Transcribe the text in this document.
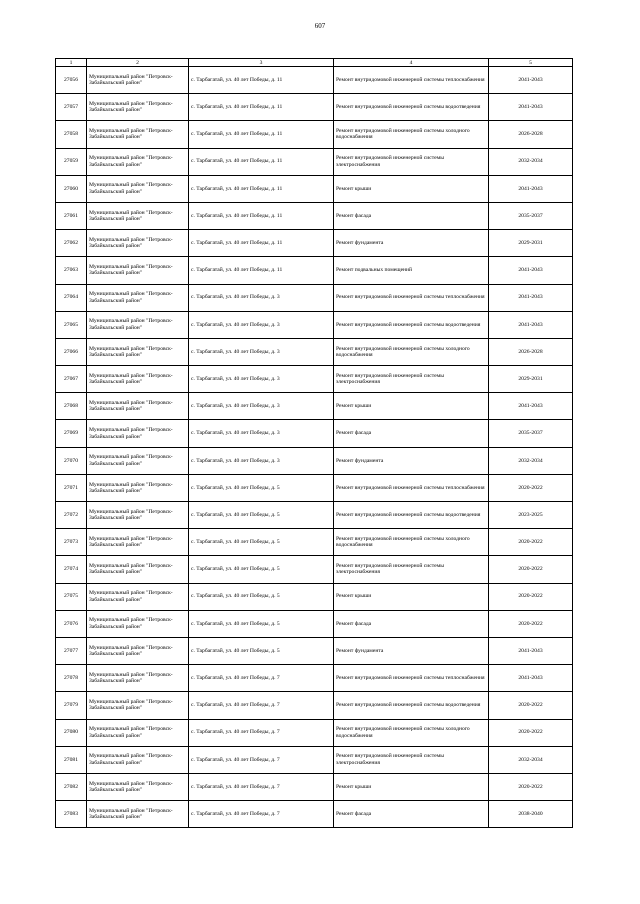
607
1	2	3	4	5
27056	Муниципальный район "Петровск-Забайкальский район"	с. Тарбагатай, ул. 40 лет Победы, д. 11	Ремонт внутридомовой инженерной системы теплоснабжения	2041-2043
27057	Муниципальный район "Петровск-Забайкальский район"	с. Тарбагатай, ул. 40 лет Победы, д. 11	Ремонт внутридомовой инженерной системы водоотведения	2041-2043
27058	Муниципальный район "Петровск-Забайкальский район"	с. Тарбагатай, ул. 40 лет Победы, д. 11	Ремонт внутридомовой инженерной системы холодного водоснабжения	2026-2028
27059	Муниципальный район "Петровск-Забайкальский район"	с. Тарбагатай, ул. 40 лет Победы, д. 11	Ремонт внутридомовой инженерной системы электроснабжения	2032-2034
27060	Муниципальный район "Петровск-Забайкальский район"	с. Тарбагатай, ул. 40 лет Победы, д. 11	Ремонт крыши	2041-2043
27061	Муниципальный район "Петровск-Забайкальский район"	с. Тарбагатай, ул. 40 лет Победы, д. 11	Ремонт фасада	2035-2037
27062	Муниципальный район "Петровск-Забайкальский район"	с. Тарбагатай, ул. 40 лет Победы, д. 11	Ремонт фундамента	2029-2031
27063	Муниципальный район "Петровск-Забайкальский район"	с. Тарбагатай, ул. 40 лет Победы, д. 11	Ремонт подвальных помещений	2041-2043
27064	Муниципальный район "Петровск-Забайкальский район"	с. Тарбагатай, ул. 40 лет Победы, д. 3	Ремонт внутридомовой инженерной системы теплоснабжения	2041-2043
27065	Муниципальный район "Петровск-Забайкальский район"	с. Тарбагатай, ул. 40 лет Победы, д. 3	Ремонт внутридомовой инженерной системы водоотведения	2041-2043
27066	Муниципальный район "Петровск-Забайкальский район"	с. Тарбагатай, ул. 40 лет Победы, д. 3	Ремонт внутридомовой инженерной системы холодного водоснабжения	2026-2028
27067	Муниципальный район "Петровск-Забайкальский район"	с. Тарбагатай, ул. 40 лет Победы, д. 3	Ремонт внутридомовой инженерной системы электроснабжения	2029-2031
27068	Муниципальный район "Петровск-Забайкальский район"	с. Тарбагатай, ул. 40 лет Победы, д. 3	Ремонт крыши	2041-2043
27069	Муниципальный район "Петровск-Забайкальский район"	с. Тарбагатай, ул. 40 лет Победы, д. 3	Ремонт фасада	2035-2037
27070	Муниципальный район "Петровск-Забайкальский район"	с. Тарбагатай, ул. 40 лет Победы, д. 3	Ремонт фундамента	2032-2034
27071	Муниципальный район "Петровск-Забайкальский район"	с. Тарбагатай, ул. 40 лет Победы, д. 5	Ремонт внутридомовой инженерной системы теплоснабжения	2020-2022
27072	Муниципальный район "Петровск-Забайкальский район"	с. Тарбагатай, ул. 40 лет Победы, д. 5	Ремонт внутридомовой инженерной системы водоотведения	2023-2025
27073	Муниципальный район "Петровск-Забайкальский район"	с. Тарбагатай, ул. 40 лет Победы, д. 5	Ремонт внутридомовой инженерной системы холодного водоснабжения	2020-2022
27074	Муниципальный район "Петровск-Забайкальский район"	с. Тарбагатай, ул. 40 лет Победы, д. 5	Ремонт внутридомовой инженерной системы электроснабжения	2020-2022
27075	Муниципальный район "Петровск-Забайкальский район"	с. Тарбагатай, ул. 40 лет Победы, д. 5	Ремонт крыши	2020-2022
27076	Муниципальный район "Петровск-Забайкальский район"	с. Тарбагатай, ул. 40 лет Победы, д. 5	Ремонт фасада	2020-2022
27077	Муниципальный район "Петровск-Забайкальский район"	с. Тарбагатай, ул. 40 лет Победы, д. 5	Ремонт фундамента	2041-2043
27078	Муниципальный район "Петровск-Забайкальский район"	с. Тарбагатай, ул. 40 лет Победы, д. 7	Ремонт внутридомовой инженерной системы теплоснабжения	2041-2043
27079	Муниципальный район "Петровск-Забайкальский район"	с. Тарбагатай, ул. 40 лет Победы, д. 7	Ремонт внутридомовой инженерной системы водоотведения	2020-2022
27080	Муниципальный район "Петровск-Забайкальский район"	с. Тарбагатай, ул. 40 лет Победы, д. 7	Ремонт внутридомовой инженерной системы холодного водоснабжения	2020-2022
27081	Муниципальный район "Петровск-Забайкальский район"	с. Тарбагатай, ул. 40 лет Победы, д. 7	Ремонт внутридомовой инженерной системы электроснабжения	2032-2034
27082	Муниципальный район "Петровск-Забайкальский район"	с. Тарбагатай, ул. 40 лет Победы, д. 7	Ремонт крыши	2020-2022
27083	Муниципальный район "Петровск-Забайкальский район"	с. Тарбагатай, ул. 40 лет Победы, д. 7	Ремонт фасада	2038-2040
